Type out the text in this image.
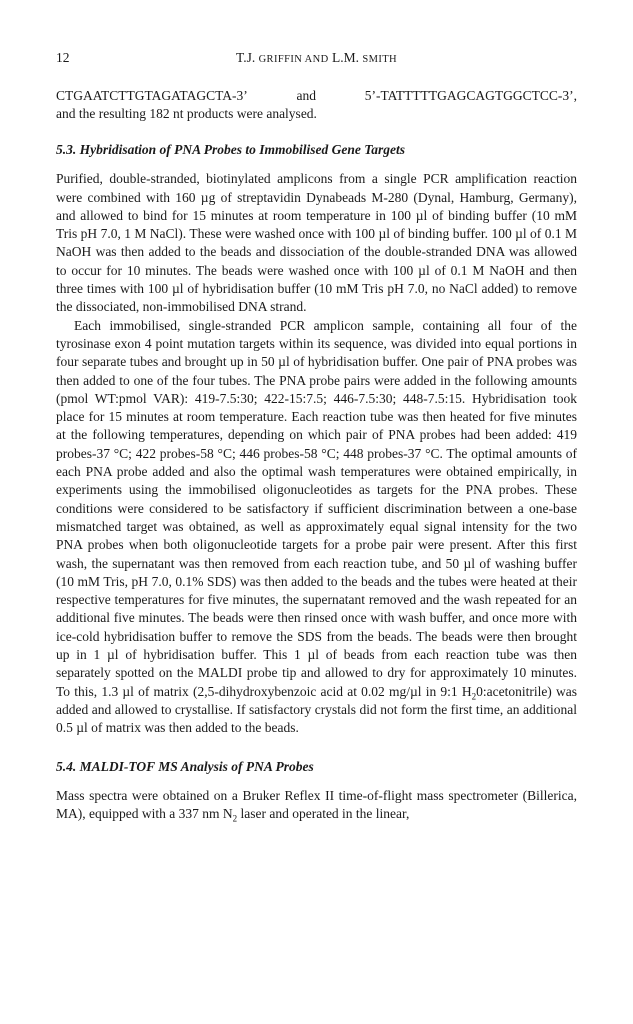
12	T.J. GRIFFIN AND L.M. SMITH
CTGAATCTTGTAGATAGCTA-3’	and	5’-TATTTTTGAGCAGTGGCTCC-3’,

and the resulting 182 nt products were analysed.

5.3. Hybridisation of PNA Probes to Immobilised Gene Targets

Purified, double-stranded, biotinylated amplicons from a single PCR amplification reaction were combined with 160 µg of streptavidin Dynabeads M-280 (Dynal, Hamburg, Germany), and allowed to bind for 15 minutes at room temperature in 100 µl of binding buffer (10 mM Tris pH 7.0, 1 M NaCl). These were washed once with 100 µl of binding buffer. 100 µl of 0.1 M NaOH was then added to the beads and dissociation of the double-stranded DNA was allowed to occur for 10 minutes. The beads were washed once with 100 µl of 0.1 M NaOH and then three times with 100 µl of hybridisation buffer (10 mM Tris pH 7.0, no NaCl added) to remove the dissociated, non-immobilised DNA strand.

Each immobilised, single-stranded PCR amplicon sample, containing all four of the tyrosinase exon 4 point mutation targets within its sequence, was divided into equal portions in four separate tubes and brought up in 50 µl of hybridisation buffer. One pair of PNA probes was then added to one of the four tubes. The PNA probe pairs were added in the following amounts (pmol WT:pmol VAR): 419-7.5:30; 422-15:7.5; 446-7.5:30; 448-7.5:15. Hybridisation took place for 15 minutes at room temperature. Each reaction tube was then heated for five minutes at the following temperatures, depending on which pair of PNA probes had been added: 419 probes-37 °C; 422 probes-58 °C; 446 probes-58 °C; 448 probes-37 °C. The optimal amounts of each PNA probe added and also the optimal wash temperatures were obtained empirically, in experiments using the immobilised oligonucleotides as targets for the PNA probes. These conditions were considered to be satisfactory if sufficient discrimination between a one-base mismatched target was obtained, as well as approximately equal signal intensity for the two PNA probes when both oligonucleotide targets for a probe pair were present. After this first wash, the supernatant was then removed from each reaction tube, and 50 µl of washing buffer (10 mM Tris, pH 7.0, 0.1% SDS) was then added to the beads and the tubes were heated at their respective temperatures for five minutes, the supernatant removed and the wash repeated for an additional five minutes. The beads were then rinsed once with wash buffer, and once more with ice-cold hybridisation buffer to remove the SDS from the beads. The beads were then brought up in 1 µl of hybridisation buffer. This 1 µl of beads from each reaction tube was then separately spotted on the MALDI probe tip and allowed to dry for approximately 10 minutes. To this, 1.3 µl of matrix (2,5-dihydroxybenzoic acid at 0.02 mg/µl in 9:1 $H_20:acetonitrile$) was added and allowed to crystallise. If satisfactory crystals did not form the first time, an additional 0.5 µl of matrix was then added to the beads.

5.4. MALDI-TOF MS Analysis of PNA Probes

Mass spectra were obtained on a Bruker Reflex II time-of-flight mass spectrometer (Billerica, MA), equipped with a 337 nm $N_2$ laser and operated in the linear,
